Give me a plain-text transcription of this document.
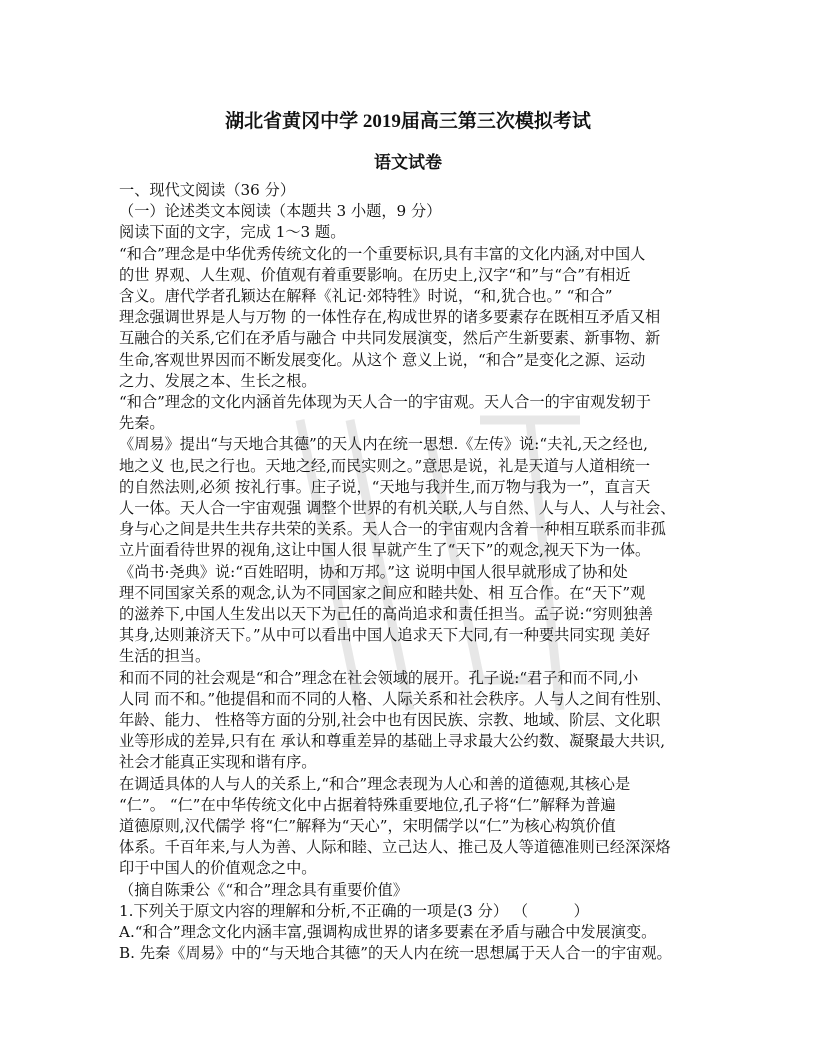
湖北省黄冈中学 2019届高三第三次模拟考试
语文试卷
一、现代文阅读（36 分）
（一）论述类文本阅读（本题共 3 小题，9 分）
阅读下面的文字，完成 1～3 题。
“和合”理念是中华优秀传统文化的一个重要标识,具有丰富的文化内涵,对中国人
的世 界观、人生观、价值观有着重要影响。在历史上,汉字“和”与“合”有相近
含义。唐代学者孔颖达在解释《礼记·郊特牲》时说，“和,犹合也。” “和合”
理念强调世界是人与万物 的一体性存在,构成世界的诸多要素存在既相互矛盾又相
互融合的关系,它们在矛盾与融合 中共同发展演变，然后产生新要素、新事物、新
生命,客观世界因而不断发展变化。从这个 意义上说，“和合”是变化之源、运动
之力、发展之本、生长之根。
“和合”理念的文化内涵首先体现为天人合一的宇宙观。天人合一的宇宙观发轫于
先秦。
《周易》提出“与天地合其德”的天人内在统一思想.《左传》说:“夫礼,天之经也,
地之义 也,民之行也。天地之经,而民实则之。”意思是说，礼是天道与人道相统一
的自然法则,必须 按礼行事。庄子说，“天地与我并生,而万物与我为一”，直言天
人一体。天人合一宇宙观强 调整个世界的有机关联,人与自然、人与人、人与社会、
身与心之间是共生共存共荣的关系。天人合一的宇宙观内含着一种相互联系而非孤
立片面看待世界的视角,这让中国人很 早就产生了“天下”的观念,视天下为一体。
《尚书·尧典》说:“百姓昭明，协和万邦。”这 说明中国人很早就形成了协和处
理不同国家关系的观念,认为不同国家之间应和睦共处、相 互合作。在“天下”观
的滋养下,中国人生发出以天下为己任的高尚追求和责任担当。孟子说:“穷则独善
其身,达则兼济天下。”从中可以看出中国人追求天下大同,有一种要共同实现 美好
生活的担当。
和而不同的社会观是“和合”理念在社会领域的展开。孔子说:“君子和而不同,小
人同 而不和。”他提倡和而不同的人格、人际关系和社会秩序。人与人之间有性别、
年龄、能力、 性格等方面的分别,社会中也有因民族、宗教、地域、阶层、文化职
业等形成的差异,只有在 承认和尊重差异的基础上寻求最大公约数、凝聚最大共识,
社会才能真正实现和谐有序。
在调适具体的人与人的关系上,“和合”理念表现为人心和善的道德观,其核心是
“仁”。 “仁”在中华传统文化中占据着特殊重要地位,孔子将“仁”解释为普遍
道德原则,汉代儒学 将“仁”解释为“天心”，宋明儒学以“仁”为核心构筑价值
体系。千百年来,与人为善、人际和睦、立己达人、推己及人等道德准则已经深深烙
印于中国人的价值观念之中。
（摘自陈秉公《“和合”理念具有重要价值》
1.下列关于原文内容的理解和分析,不正确的一项是(3 分） （　　　）
A.“和合”理念文化内涵丰富,强调构成世界的诸多要素在矛盾与融合中发展演变。
B. 先秦《周易》中的“与天地合其德”的天人内在统一思想属于天人合一的宇宙观。
